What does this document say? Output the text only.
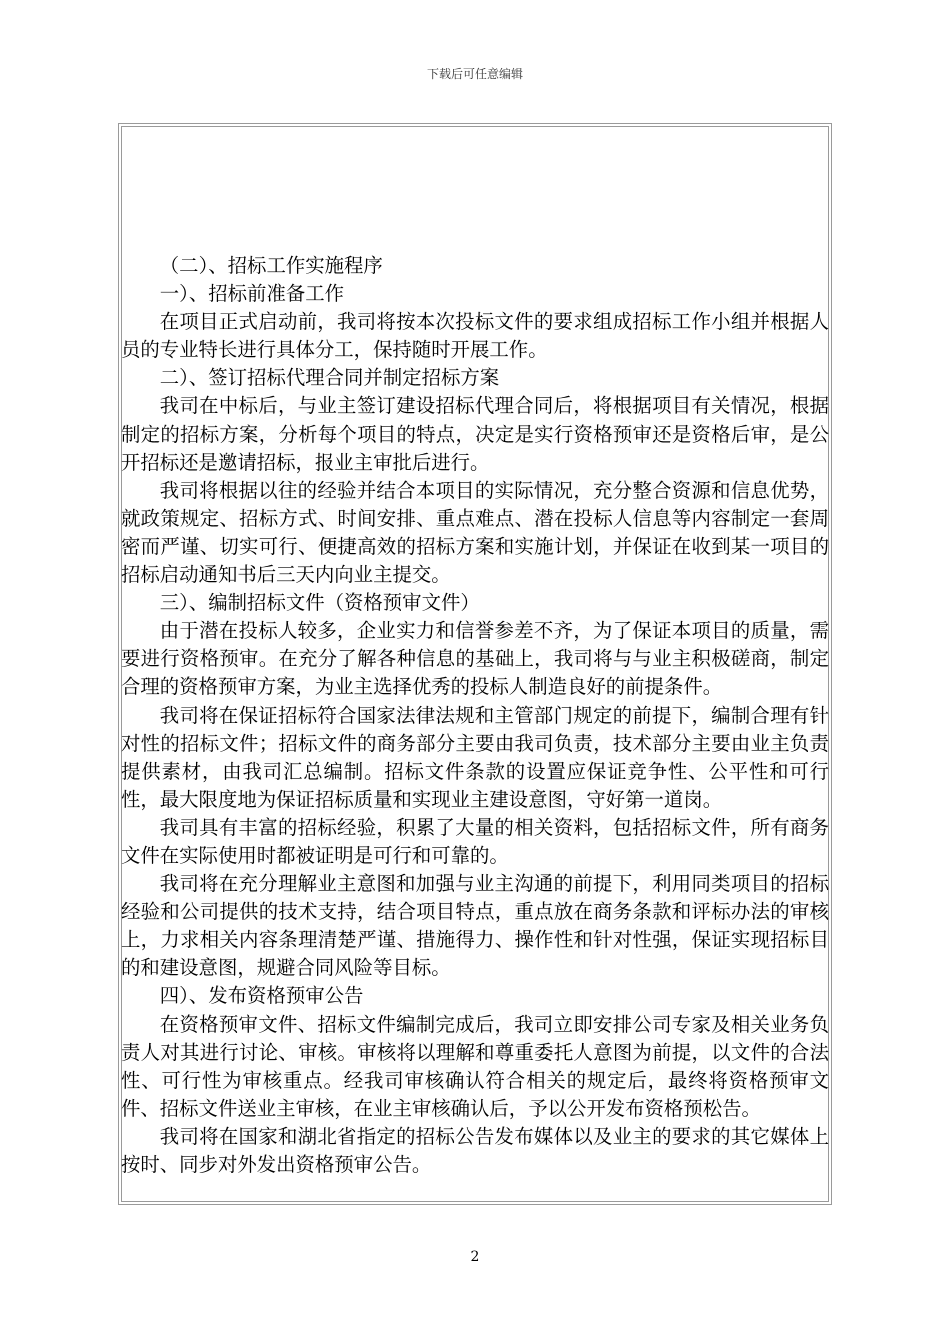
下载后可任意编辑

（二）、招标工作实施程序

一）、招标前准备工作

在项目正式启动前，我司将按本次投标文件的要求组成招标工作小组并根据人员的专业特长进行具体分工，保持随时开展工作。

二）、签订招标代理合同并制定招标方案

我司在中标后，与业主签订建设招标代理合同后，将根据项目有关情况，根据制定的招标方案，分析每个项目的特点，决定是实行资格预审还是资格后审，是公开招标还是邀请招标，报业主审批后进行。

我司将根据以往的经验并结合本项目的实际情况，充分整合资源和信息优势，就政策规定、招标方式、时间安排、重点难点、潜在投标人信息等内容制定一套周密而严谨、切实可行、便捷高效的招标方案和实施计划，并保证在收到某一项目的招标启动通知书后三天内向业主提交。

三）、编制招标文件（资格预审文件）

由于潜在投标人较多，企业实力和信誉参差不齐，为了保证本项目的质量，需要进行资格预审。在充分了解各种信息的基础上，我司将与与业主积极磋商，制定合理的资格预审方案，为业主选择优秀的投标人制造良好的前提条件。

我司将在保证招标符合国家法律法规和主管部门规定的前提下，编制合理有针对性的招标文件；招标文件的商务部分主要由我司负责，技术部分主要由业主负责提供素材，由我司汇总编制。招标文件条款的设置应保证竞争性、公平性和可行性，最大限度地为保证招标质量和实现业主建设意图，守好第一道岗。

我司具有丰富的招标经验，积累了大量的相关资料，包括招标文件，所有商务文件在实际使用时都被证明是可行和可靠的。

我司将在充分理解业主意图和加强与业主沟通的前提下，利用同类项目的招标经验和公司提供的技术支持，结合项目特点，重点放在商务条款和评标办法的审核上，力求相关内容条理清楚严谨、措施得力、操作性和针对性强，保证实现招标目的和建设意图，规避合同风险等目标。

四）、发布资格预审公告

在资格预审文件、招标文件编制完成后，我司立即安排公司专家及相关业务负责人对其进行讨论、审核。审核将以理解和尊重委托人意图为前提，以文件的合法性、可行性为审核重点。经我司审核确认符合相关的规定后，最终将资格预审文件、招标文件送业主审核，在业主审核确认后，予以公开发布资格预松告。

我司将在国家和湖北省指定的招标公告发布媒体以及业主的要求的其它媒体上按时、同步对外发出资格预审公告。

2
